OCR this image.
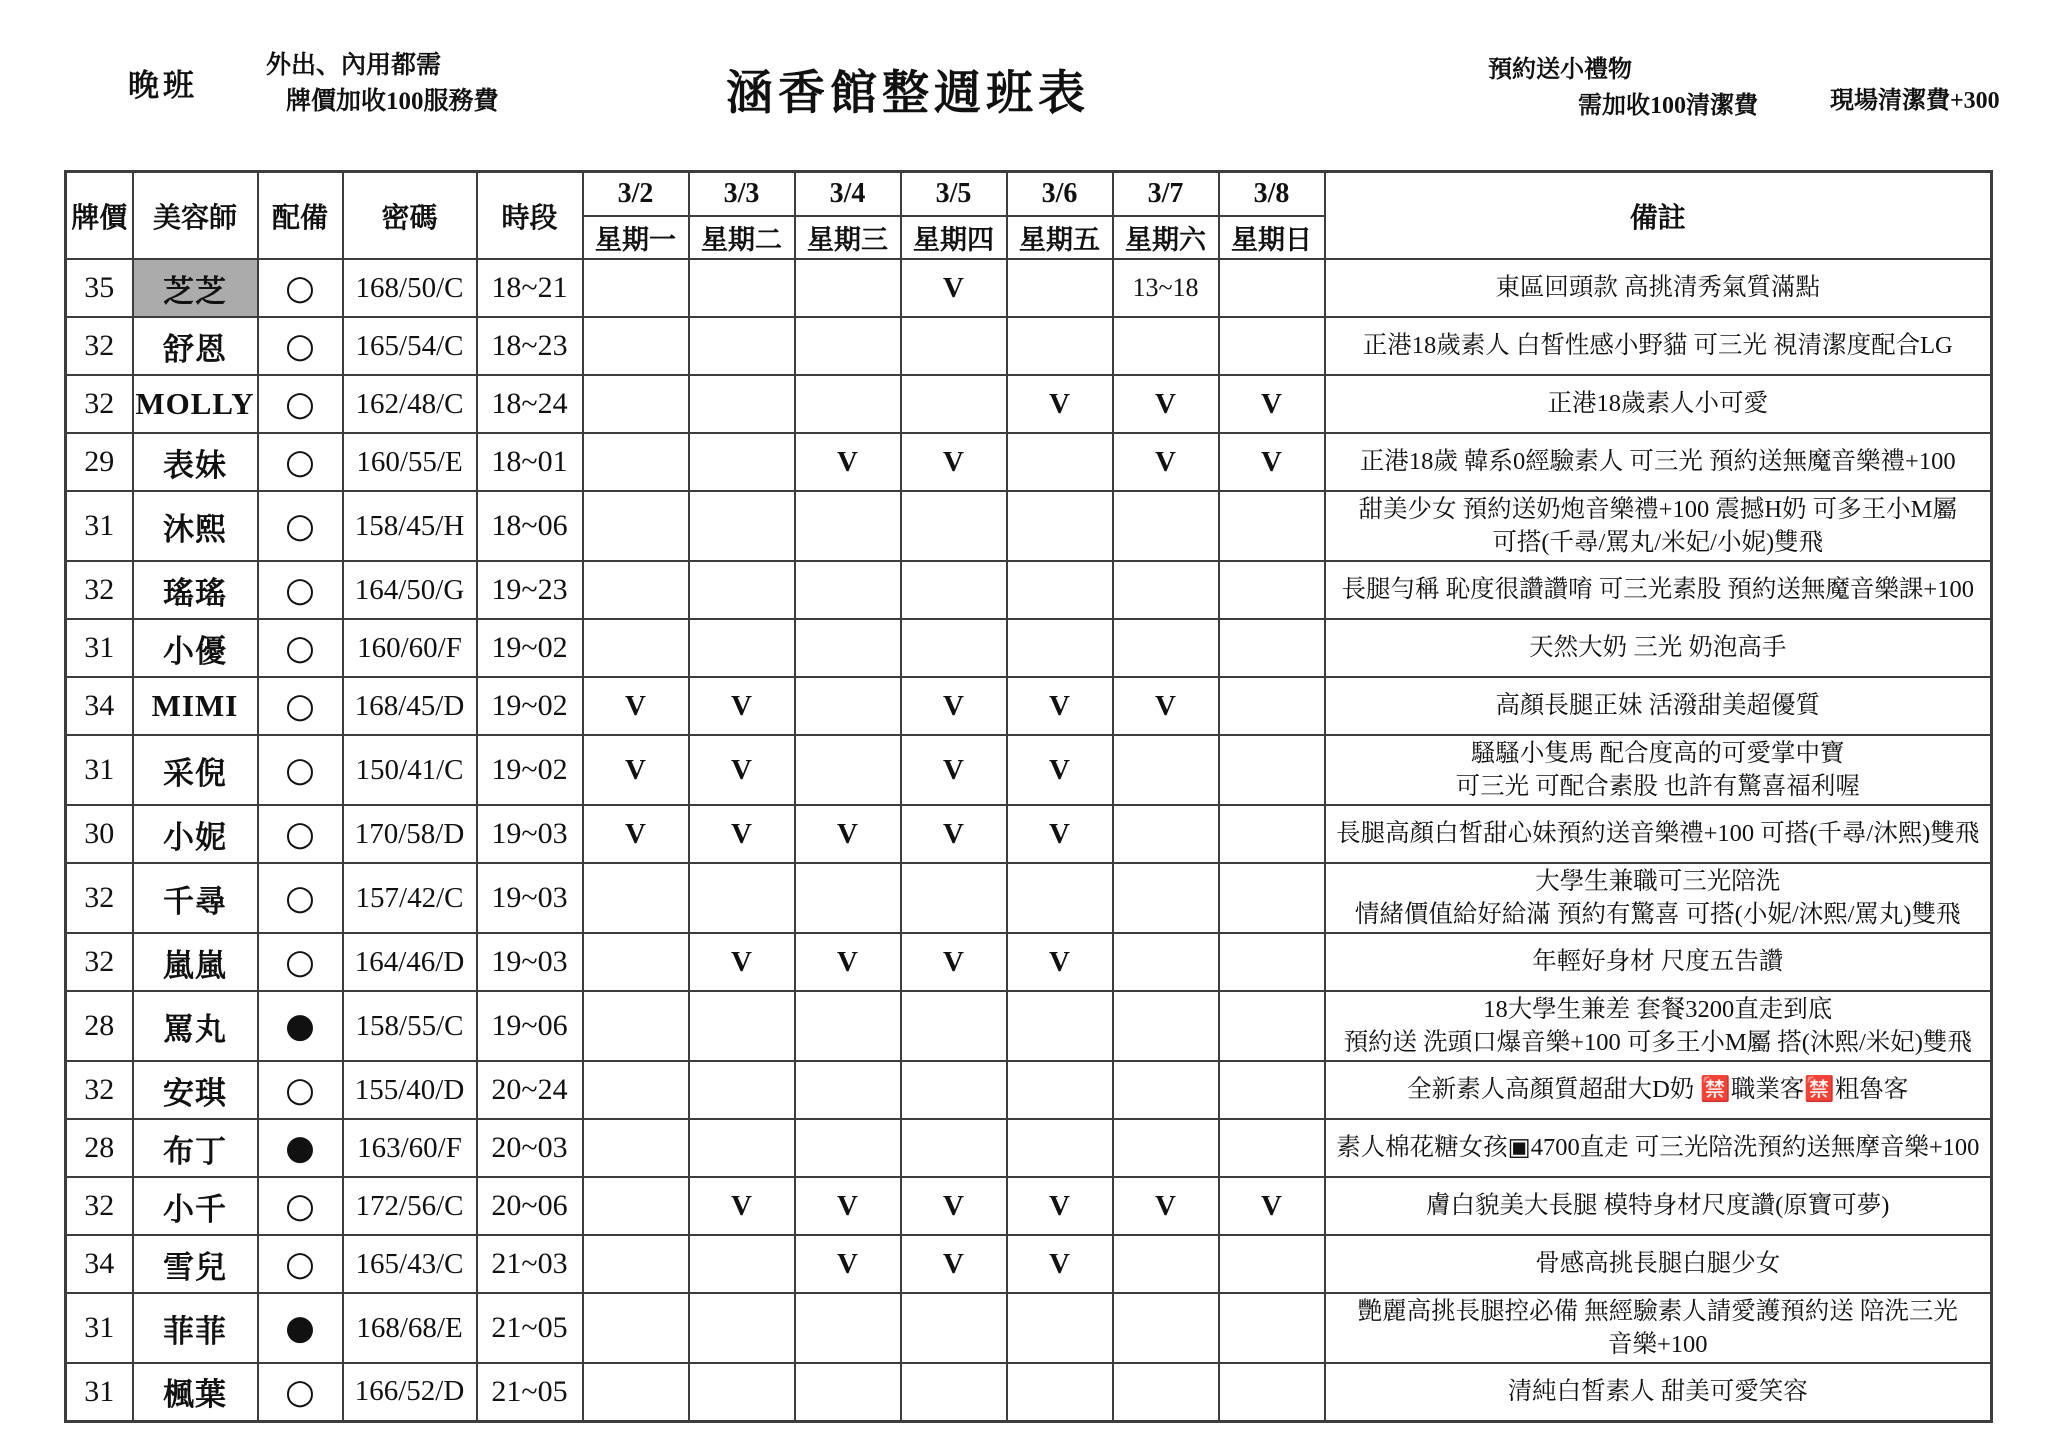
晚班
外出、內用都需
牌價加收100服務費	涵香館整週班表	預約送小禮物
需加收100清潔費	現場清潔費+300
牌價	美容師	配備	密碼	時段	3/2	3/3	3/4	3/5	3/6	3/7	3/8	備註
					星期一	星期二	星期三	星期四	星期五	星期六	星期日	
35	芝芝	○	168/50/C	18~21				V		13~18		東區回頭款 高挑清秀氣質滿點

32	舒恩	○	165/54/C	18~23								正港18歲素人 白皙性感小野貓 可三光 視清潔度配合LG

32	MOLLY	○	162/48/C	18~24					V	V	V	正港18歲素人小可愛

29	表妹	○	160/55/E	18~01			V	V		V	V	正港18歲 韓系0經驗素人 可三光 預約送無魔音樂禮+100

31	沐熙	○	158/45/H	18~06								甜美少女 預約送奶炮音樂禮+100 震撼H奶 可多王小M屬
可搭(千尋/罵丸/米妃/小妮)雙飛

32	瑤瑤	○	164/50/G	19~23								長腿勻稱 恥度很讚讚唷 可三光素股 預約送無魔音樂課+100

31	小優	○	160/60/F	19~02								天然大奶 三光 奶泡高手

34	MIMI	○	168/45/D	19~02	V	V		V	V	V		高顏長腿正妹 活潑甜美超優質

31	采倪	○	150/41/C	19~02	V	V		V	V			騷騷小隻馬 配合度高的可愛掌中寶
可三光 可配合素股 也許有驚喜福利喔

30	小妮	○	170/58/D	19~03	V	V	V	V	V			長腿高顏白皙甜心妹預約送音樂禮+100 可搭(千尋/沐熙)雙飛

32	千尋	○	157/42/C	19~03								大學生兼職可三光陪洗
情緒價值給好給滿 預約有驚喜 可搭(小妮/沐熙/罵丸)雙飛

32	嵐嵐	○	164/46/D	19~03		V	V	V	V			年輕好身材 尺度五告讚

28	罵丸	●	158/55/C	19~06								18大學生兼差 套餐3200直走到底
預約送 洗頭口爆音樂+100 可多王小M屬 搭(沐熙/米妃)雙飛

32	安琪	○	155/40/D	20~24								全新素人高顏質超甜大D奶 🈲職業客🈲粗魯客

28	布丁	●	163/60/F	20~03								素人棉花糖女孩▣4700直走 可三光陪洗預約送無摩音樂+100

32	小千	○	172/56/C	20~06		V	V	V	V	V	V	膚白貌美大長腿 模特身材尺度讚(原寶可夢)

34	雪兒	○	165/43/C	21~03			V	V	V			骨感高挑長腿白腿少女

31	菲菲	●	168/68/E	21~05								艷麗高挑長腿控必備 無經驗素人請愛護預約送 陪洗三光
音樂+100

31	楓葉	○	166/52/D	21~05								清純白皙素人 甜美可愛笑容
